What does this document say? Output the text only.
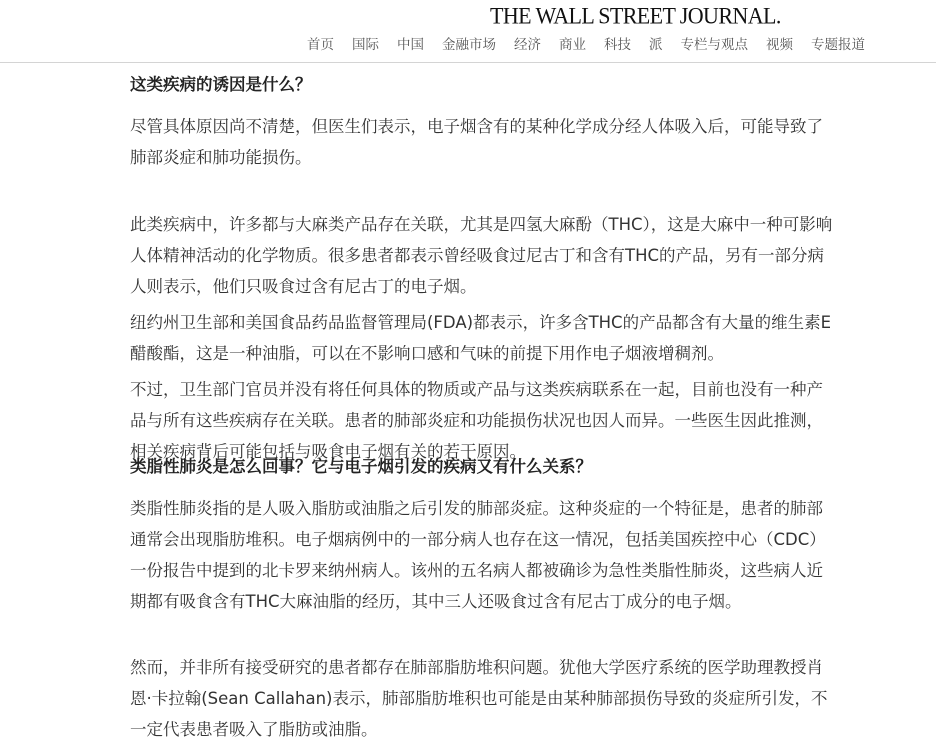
THE WALL STREET JOURNAL.
首页 国际 中国 金融市场 经济 商业 科技 派 专栏与观点 视频 专题报道
这类疾病的诱因是什么？

尽管具体原因尚不清楚，但医生们表示，电子烟含有的某种化学成分经人体吸入后，可能导致了肺部炎症和肺功能损伤。

此类疾病中，许多都与大麻类产品存在关联，尤其是四氢大麻酚（THC），这是大麻中一种可影响人体精神活动的化学物质。很多患者都表示曾经吸食过尼古丁和含有THC的产品，另有一部分病人则表示，他们只吸食过含有尼古丁的电子烟。

纽约州卫生部和美国食品药品监督管理局(FDA)都表示，许多含THC的产品都含有大量的维生素E醋酸酯，这是一种油脂，可以在不影响口感和气味的前提下用作电子烟液增稠剂。

不过，卫生部门官员并没有将任何具体的物质或产品与这类疾病联系在一起，目前也没有一种产品与所有这些疾病存在关联。患者的肺部炎症和功能损伤状况也因人而异。一些医生因此推测，相关疾病背后可能包括与吸食电子烟有关的若干原因。

类脂性肺炎是怎么回事？它与电子烟引发的疾病又有什么关系？

类脂性肺炎指的是人吸入脂肪或油脂之后引发的肺部炎症。这种炎症的一个特征是，患者的肺部通常会出现脂肪堆积。电子烟病例中的一部分病人也存在这一情况，包括美国疾控中心（CDC）一份报告中提到的北卡罗来纳州病人。该州的五名病人都被确诊为急性类脂性肺炎，这些病人近期都有吸食含有THC大麻油脂的经历，其中三人还吸食过含有尼古丁成分的电子烟。

然而，并非所有接受研究的患者都存在肺部脂肪堆积问题。犹他大学医疗系统的医学助理教授肖恩·卡拉翰(Sean Callahan)表示，肺部脂肪堆积也可能是由某种肺部损伤导致的炎症所引发，不一定代表患者吸入了脂肪或油脂。
